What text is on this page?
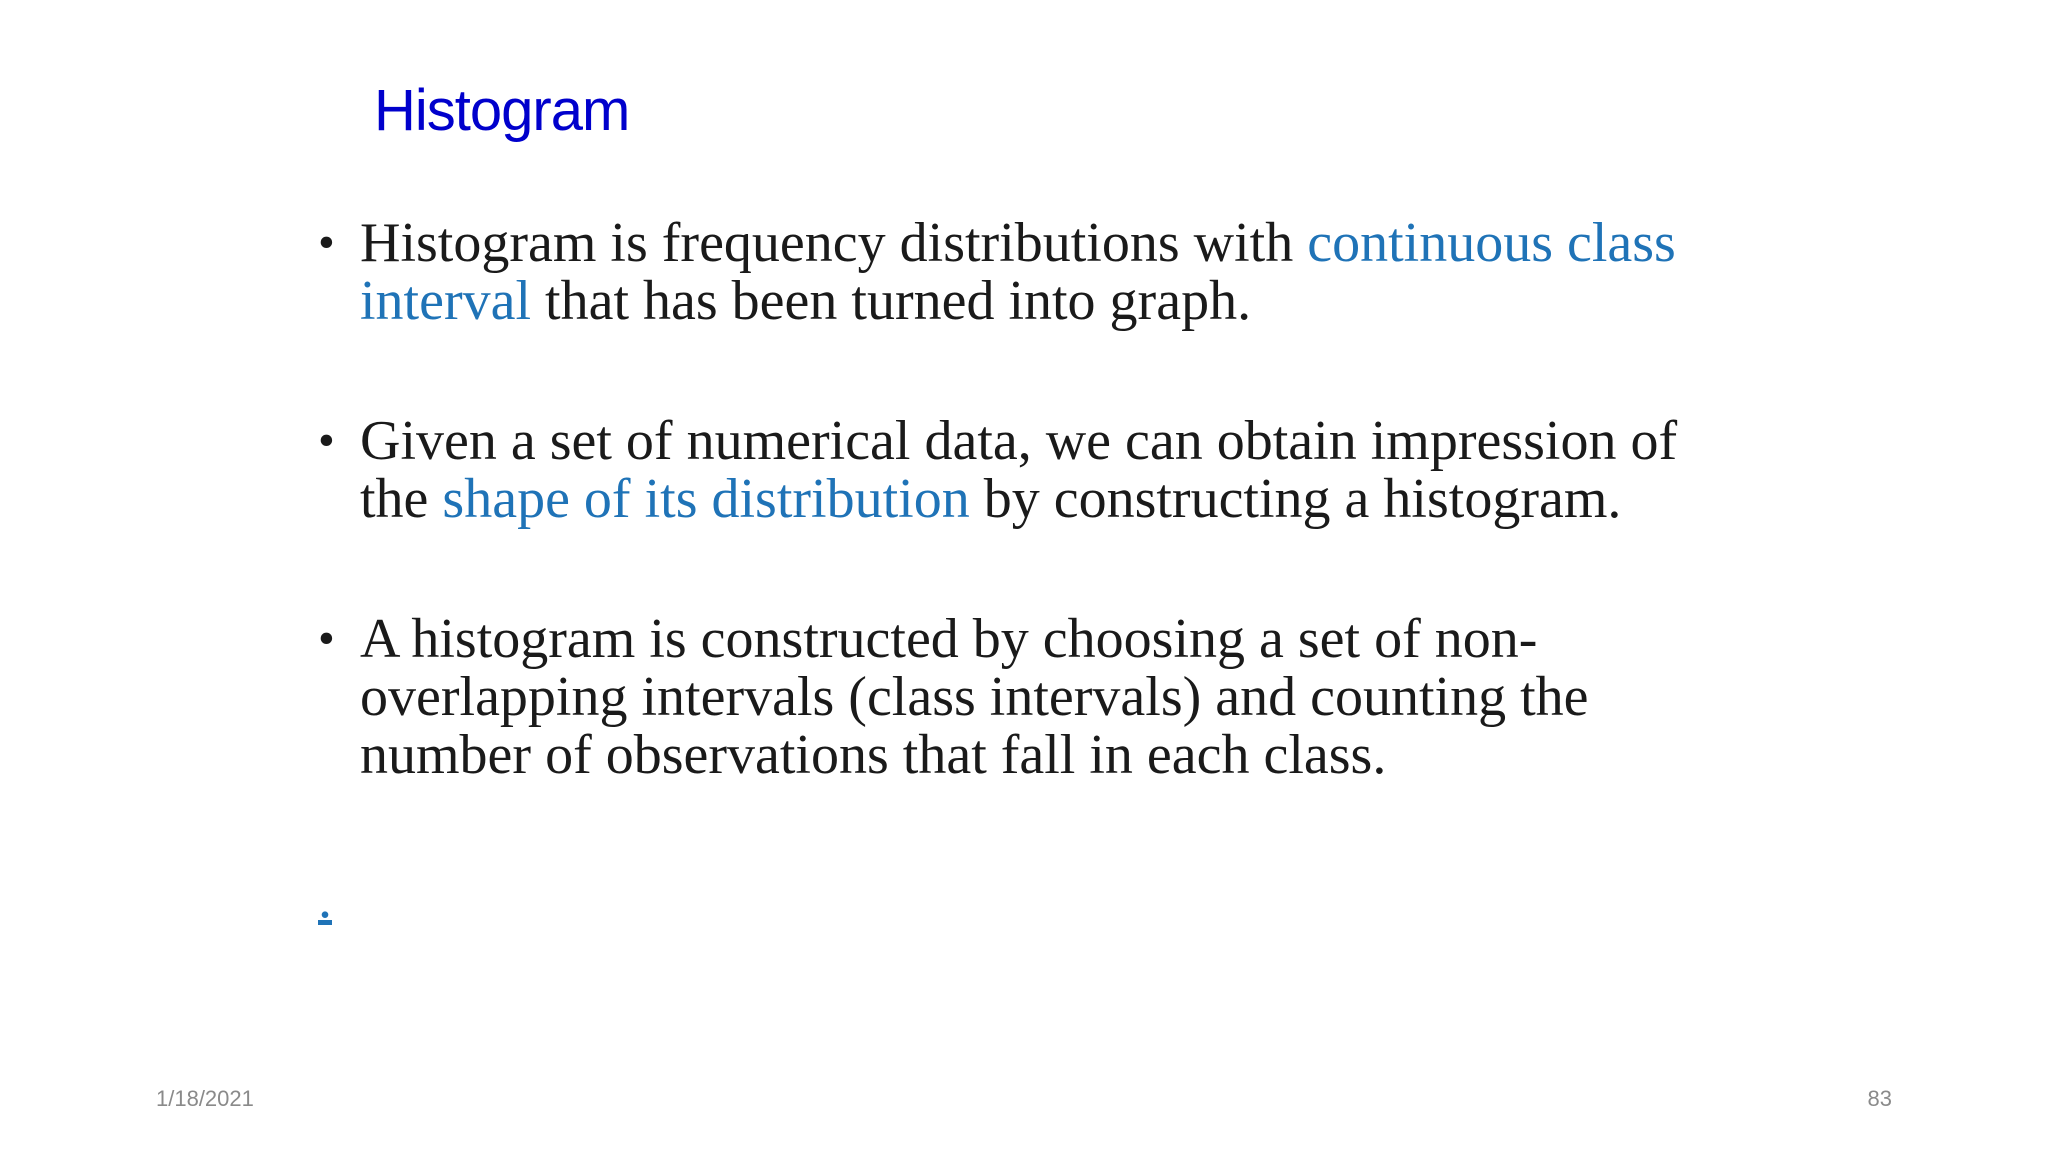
Histogram

• Histogram is frequency distributions with continuous class interval that has been turned into graph.

• Given a set of numerical data, we can obtain impression of the shape of its distribution by constructing a histogram.

• A histogram is constructed by choosing a set of non-overlapping intervals (class intervals) and counting the number of observations that fall in each class.

.
1/18/2021	83
